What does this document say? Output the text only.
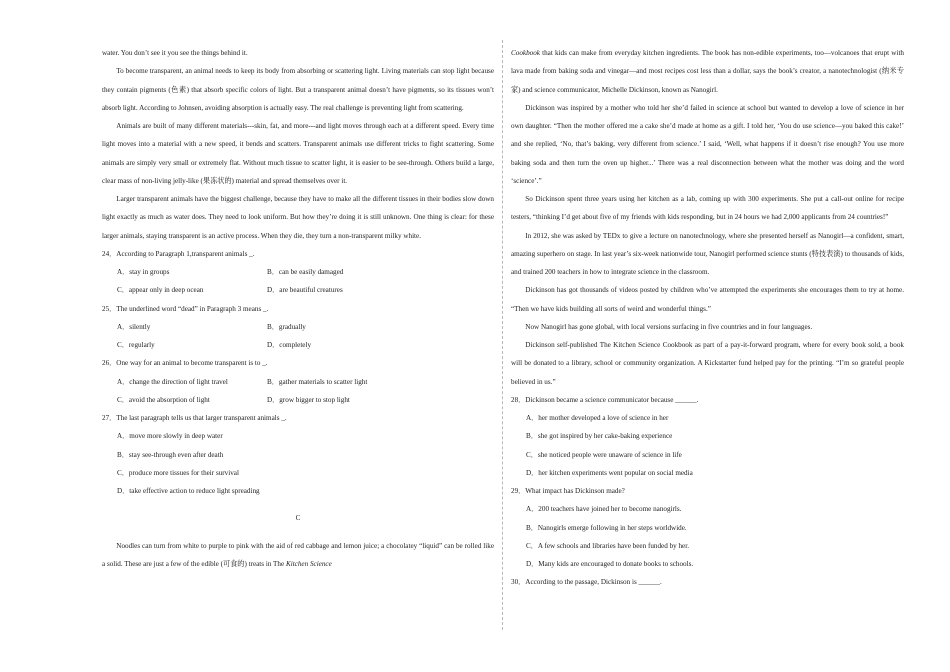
water. You don’t see it you see the things behind it.

To become transparent, an animal needs to keep its body from absorbing or scattering light. Living materials can stop light because they contain pigments (色素) that absorb specific colors of light. But a transparent animal doesn’t have pigments, so its tissues won’t absorb light. According to Johnsen, avoiding absorption is actually easy. The real challenge is preventing light from scattering.

Animals are built of many different materials---skin, fat, and more---and light moves through each at a different speed. Every time light moves into a material with a new speed, it bends and scatters. Transparent animals use different tricks to fight scattering. Some animals are simply very small or extremely flat. Without much tissue to scatter light, it is easier to be see-through. Others build a large, clear mass of non-living jelly-like (果冻状的) material and spread themselves over it.

Larger transparent animals have the biggest challenge, because they have to make all the different tissues in their bodies slow down light exactly as much as water does. They need to look uniform. But how they’re doing it is still unknown. One thing is clear: for these larger animals, staying transparent is an active process. When they die, they turn a non-transparent milky white.

24．According to Paragraph 1,transparent animals _.

A．stay in groups	B．can be easily damaged
C．appear only in deep ocean	D．are beautiful creatures

25．The underlined word “dead” in Paragraph 3 means _.

A．silently	B．gradually
C．regularly	D．completely

26．One way for an animal to become transparent is to _.

A．change the direction of light travel	B．gather materials to scatter light
C．avoid the absorption of light	D．grow bigger to stop light

27．The last paragraph tells us that larger transparent animals _.

A．move more slowly in deep water
B．stay see-through even after death
C．produce more tissues for their survival
D．take effective action to reduce light spreading

C

Noodles can turn from white to purple to pink with the aid of red cabbage and lemon juice; a chocolatey “liquid” can be rolled like a solid. These are just a few of the edible (可食的) treats in The Kitchen Science

Cookbook that kids can make from everyday kitchen ingredients. The book has non-edible experiments, too—volcanoes that erupt with lava made from baking soda and vinegar—and most recipes cost less than a dollar, says the book’s creator, a nanotechnologist (纳米专家) and science communicator, Michelle Dickinson, known as Nanogirl.

Dickinson was inspired by a mother who told her she’d failed in science at school but wanted to develop a love of science in her own daughter. “Then the mother offered me a cake she’d made at home as a gift. I told her, ‘You do use science—you baked this cake!’ and she replied, ‘No, that’s baking, very different from science.’ I said, ‘Well, what happens if it doesn’t rise enough? You use more baking soda and then turn the oven up higher...’ There was a real disconnection between what the mother was doing and the word ‘science’.”

So Dickinson spent three years using her kitchen as a lab, coming up with 300 experiments. She put a call-out online for recipe testers, “thinking I’d get about five of my friends with kids responding, but in 24 hours we had 2,000 applicants from 24 countries!”

In 2012, she was asked by TEDx to give a lecture on nanotechnology, where she presented herself as Nanogirl—a confident, smart, amazing superhero on stage. In last year’s six-week nationwide tour, Nanogirl performed science stunts (特技表演) to thousands of kids, and trained 200 teachers in how to integrate science in the classroom.

Dickinson has got thousands of videos posted by children who’ve attempted the experiments she encourages them to try at home. “Then we have kids building all sorts of weird and wonderful things.”

Now Nanogirl has gone global, with local versions surfacing in five countries and in four languages.

Dickinson self-published The Kitchen Science Cookbook as part of a pay-it-forward program, where for every book sold, a book will be donated to a library, school or community organization. A Kickstarter fund helped pay for the printing. “I’m so grateful people believed in us.”

28．Dickinson became a science communicator because ______.

A．her mother developed a love of science in her
B．she got inspired by her cake-baking experience
C．she noticed people were unaware of science in life
D．her kitchen experiments went popular on social media

29．What impact has Dickinson made?

A．200 teachers have joined her to become nanogirls.
B．Nanogirls emerge following in her steps worldwide.
C．A few schools and libraries have been funded by her.
D．Many kids are encouraged to donate books to schools.

30．According to the passage, Dickinson is ______.
